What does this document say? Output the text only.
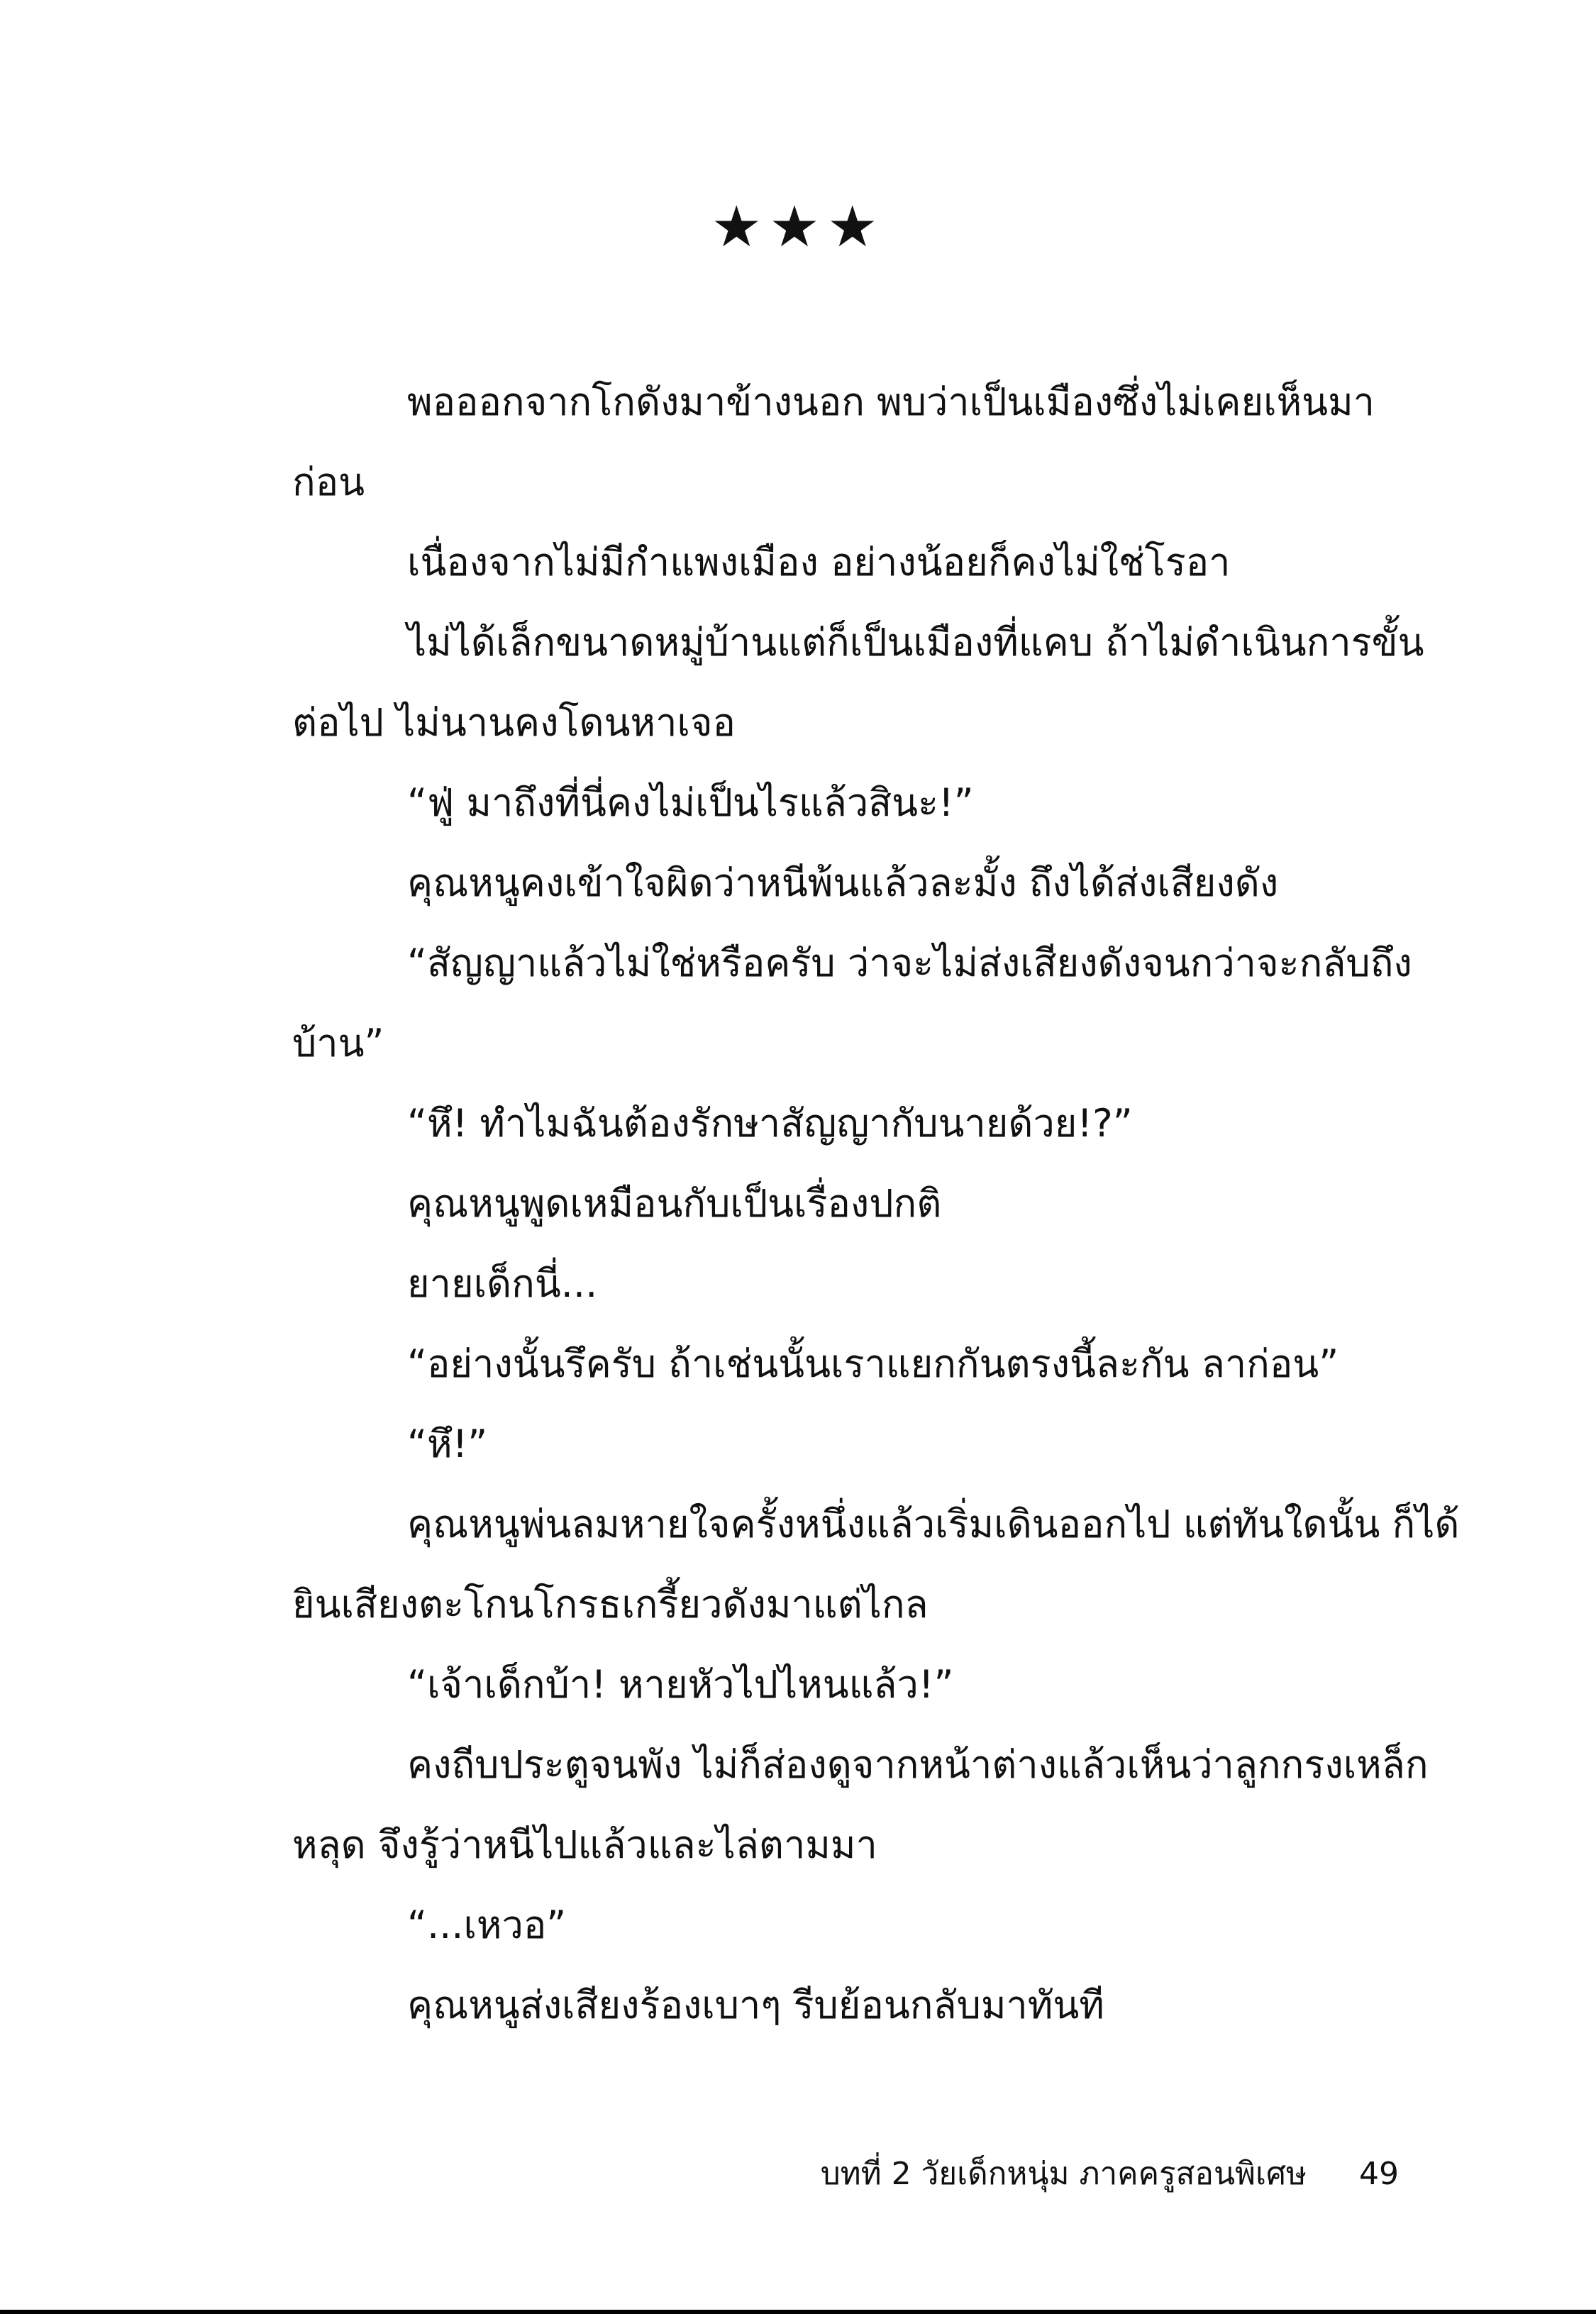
★★★

พอออกจากโกดังมาข้างนอก พบว่าเป็นเมืองซึ่งไม่เคยเห็นมา

ก่อน

เนื่องจากไม่มีกำแพงเมือง อย่างน้อยก็คงไม่ใช่โรอา

ไม่ได้เล็กขนาดหมู่บ้านแต่ก็เป็นเมืองที่แคบ ถ้าไม่ดำเนินการขั้น

ต่อไป ไม่นานคงโดนหาเจอ

“ฟู่ มาถึงที่นี่คงไม่เป็นไรแล้วสินะ!”

คุณหนูคงเข้าใจผิดว่าหนีพ้นแล้วละมั้ง ถึงได้ส่งเสียงดัง

“สัญญาแล้วไม่ใช่หรือครับ ว่าจะไม่ส่งเสียงดังจนกว่าจะกลับถึง

บ้าน”

“หึ! ทำไมฉันต้องรักษาสัญญากับนายด้วย!?”

คุณหนูพูดเหมือนกับเป็นเรื่องปกติ

ยายเด็กนี่...

“อย่างนั้นรึครับ ถ้าเช่นนั้นเราแยกกันตรงนี้ละกัน ลาก่อน”

“หึ!”

คุณหนูพ่นลมหายใจครั้งหนึ่งแล้วเริ่มเดินออกไป แต่ทันใดนั้น ก็ได้

ยินเสียงตะโกนโกรธเกรี้ยวดังมาแต่ไกล

“เจ้าเด็กบ้า! หายหัวไปไหนแล้ว!”

คงถีบประตูจนพัง ไม่ก็ส่องดูจากหน้าต่างแล้วเห็นว่าลูกกรงเหล็ก

หลุด จึงรู้ว่าหนีไปแล้วและไล่ตามมา

“...เหวอ”

คุณหนูส่งเสียงร้องเบาๆ รีบย้อนกลับมาทันที

บทที่ 2 วัยเด็กหนุ่ม ภาคครูสอนพิเศษ 49
